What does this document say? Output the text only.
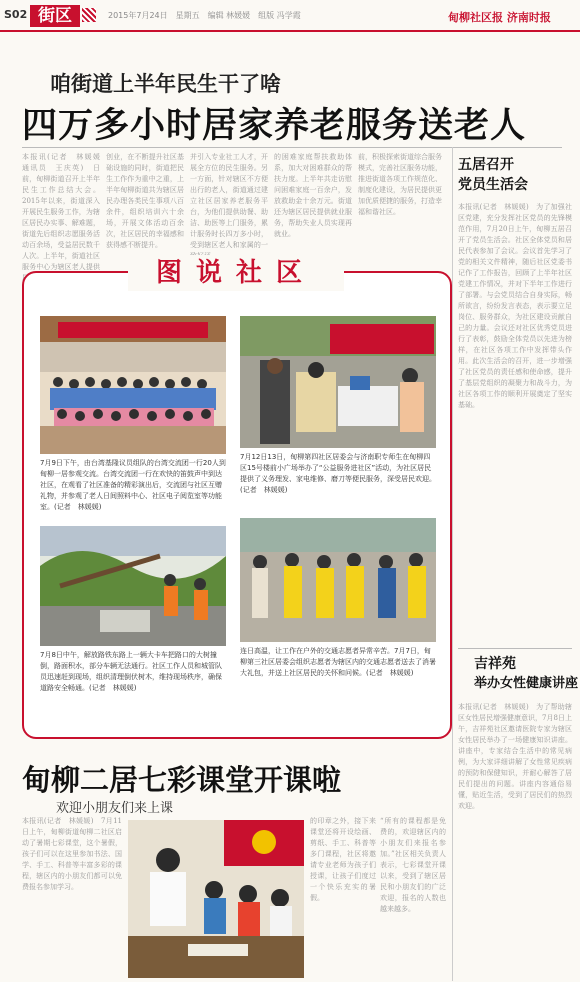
S02 街区	2015年7月24日　星期五　编辑 林媛媛　组版 冯学霞	甸柳社区报 济南时报
咱街道上半年民生干了啥
四万多小时居家养老服务送老人
本报讯(记者　林媛媛　通讯员　王庆英)　日前，甸柳街道召开上半年民生工作总结大会。2015年以来，街道深入开展民生服务工作，为辖区居民办实事、解难题，街道先后组织志愿服务活动百余场，受益居民数千人次。上半年，街道社区服务中心为辖区老人提供
创业，在不断提升社区基础设施的同时，街道把民生工作作为重中之重，上半年甸柳街道共为辖区居民办理各类民生事项八百余件，组织培训六十余场，开展文体活动百余次，社区居民的幸福感和获得感不断提升。
并引入专业社工人才，开展全方位的民生服务。另一方面，针对辖区不方便出行的老人，街道通过建立社区居家养老服务平台，为他们提供助餐、助洁、助医等上门服务，累计服务时长四万多小时，受到辖区老人和家属的一
的困难家庭帮扶救助体系，加大对困难群众的帮扶力度。上半年共走访慰问困难家庭一百余户，发放救助金十余万元。街道还为辖区居民提供就业服务，帮助失业人员实现再就业。
前，积极探索街道综合服务模式，完善社区服务功能，推进街道各项工作规范化、制度化建设，为居民提供更加优质便捷的服务，打造幸福和谐社区。
五居召开
党员生活会
本报讯(记者　林媛媛)　为了加强社区党建，充分发挥社区党员的先锋模范作用，7月20日上午，甸柳五居召开了党员生活会。社区全体党员和居民代表参加了会议。会议首先学习了党的相关文件精神，随后社区党委书记作了工作报告，回顾了上半年社区党建工作情况，并对下半年工作进行了部署。与会党员结合自身实际，畅所欲言，纷纷发言表态，表示要立足岗位、服务群众，为社区建设贡献自己的力量。会议还对社区优秀党员进行了表彰，鼓励全体党员以先进为榜样，在社区各项工作中发挥带头作用。此次生活会的召开，进一步增强了社区党员的责任感和使命感，提升了基层党组织的凝聚力和战斗力，为社区各项工作的顺利开展奠定了坚实基础。
吉祥苑
举办女性健康讲座
本报讯(记者　林媛媛)　为了帮助辖区女性居民增强健康意识，7月8日上午，吉祥苑社区邀请医院专家为辖区女性居民举办了一场健康知识讲座。讲座中，专家结合生活中的常见病例，为大家详细讲解了女性常见疾病的预防和保健知识，并耐心解答了居民们提出的问题。讲座内容通俗易懂，贴近生活，受到了居民们的热烈欢迎。
图说社区
7月9日下午，由台湾基隆议员组队的台湾交流团一行20人到甸柳一居参观交流。台湾交流团一行在欢快的笛鼓声中到达社区，在观看了社区准备的精彩演出后，交流团与社区互赠礼物，并参观了老人日间照料中心、社区电子阅览室等功能室。(记者　林媛媛)
7月12日13日，甸柳第四社区居委会与济南职专师生在甸柳四区15号楼前小广场举办了“公益服务进社区”活动，为社区居民提供了义务理发、家电维修、磨刀等便民服务，深受居民欢迎。(记者　林媛媛)
7月8日中午，解放路铁东路上一辆大卡车把路口的大树撞倒，路面积水，部分车辆无法通行。社区工作人员和城管队员迅速赶到现场，组织清理倒伏树木，维持现场秩序，确保道路安全畅通。(记者　林媛媛)
连日高温，让工作在户外的交通志愿者异常辛苦。7月7日，甸柳第三社区居委会组织志愿者为辖区内的交通志愿者送去了消暑大礼包，并送上社区居民的关怀和问候。(记者　林媛媛)
甸柳二居七彩课堂开课啦
欢迎小朋友们来上课
本报讯(记者　林媛媛)　7月11日上午，甸柳街道甸柳二社区启动了暑期七彩课堂，这个暑假，孩子们可以在这里参加书法、国学、手工、科普等丰富多彩的课程，辖区内的小朋友们都可以免费报名参加学习。
的印章之外，接下来课堂还将开设绘画、剪纸、手工、科普等多门课程，社区将邀请专业老师为孩子们授课，让孩子们度过一个快乐充实的暑假。
“所有的课程都是免费的，欢迎辖区内的小朋友们来报名参加。”社区相关负责人表示，七彩课堂开课以来，受到了辖区居民和小朋友们的广泛欢迎，报名的人数也越来越多。
